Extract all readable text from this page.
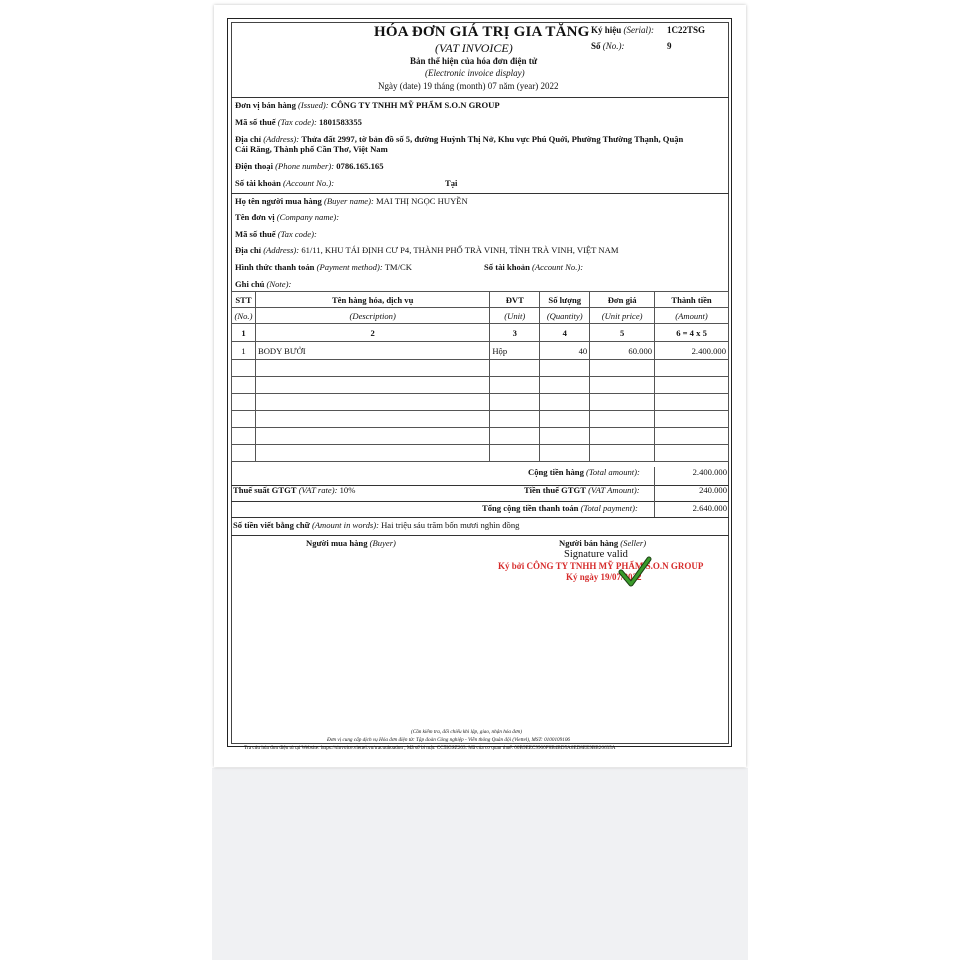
HÓA ĐƠN GIÁ TRỊ GIA TĂNG
(VAT INVOICE)
Bản thể hiện của hóa đơn điện tử
(Electronic invoice display)
Ngày (date) 19 tháng (month) 07 năm (year) 2022
Ký hiệu (Serial): 1C22TSG
Số (No.):	9
Đơn vị bán hàng (Issued): CÔNG TY TNHH MỸ PHẨM S.O.N GROUP
Mã số thuế (Tax code): 1801583355
Địa chỉ (Address): Thửa đất 2997, tờ bản đồ số 5, đường Huỳnh Thị Nở, Khu vực Phú Quới, Phường Thường Thạnh, Quận
Cái Răng, Thành phố Cần Thơ, Việt Nam
Điện thoại (Phone number): 0786.165.165
Số tài khoản (Account No.):	Tại
Họ tên người mua hàng (Buyer name): MAI THỊ NGỌC HUYỀN
Tên đơn vị (Company name):
Mã số thuế (Tax code):
Địa chỉ (Address): 61/11, KHU TÁI ĐỊNH CƯ P4, THÀNH PHỐ TRÀ VINH, TỈNH TRÀ VINH, VIỆT NAM
Hình thức thanh toán (Payment method): TM/CK	Số tài khoản (Account No.):
Ghi chú (Note):
STT	Tên hàng hóa, dịch vụ	ĐVT	Số lượng	Đơn giá	Thành tiền
(No.)	(Description)	(Unit)	(Quantity)	(Unit price)	(Amount)
1	2	3	4	5	6 = 4 x 5
1	BODY BƯỞI	Hộp	40	60.000	2.400.000

Cộng tiền hàng (Total amount):	2.400.000
Thuế suất GTGT (VAT rate): 10%	Tiền thuế GTGT (VAT Amount):	240.000
Tổng cộng tiền thanh toán (Total payment):	2.640.000
Số tiền viết bằng chữ (Amount in words): Hai triệu sáu trăm bốn mươi nghìn đồng
Người mua hàng (Buyer)	Người bán hàng (Seller)
Signature valid
Ký bởi CÔNG TY TNHH MỸ PHẨM S.O.N GROUP
Ký ngày 19/07/2022
(Cần kiểm tra, đối chiếu khi lập, giao, nhận hóa đơn)
Đơn vị cung cấp dịch vụ Hóa đơn điện tử: Tập đoàn Công nghiệp - Viễn thông Quân đội (Viettel), MST: 0100109106
Tra cứu hóa đơn điện tử tại Website: https://sinvoice.viettel.vn/tracuuhoadon , Mã số bí mật: CC5IGSZ203. Mã của cơ quan thuế: 00B9EEC9900F8B4BD5A6ED8EE9BB26635A
